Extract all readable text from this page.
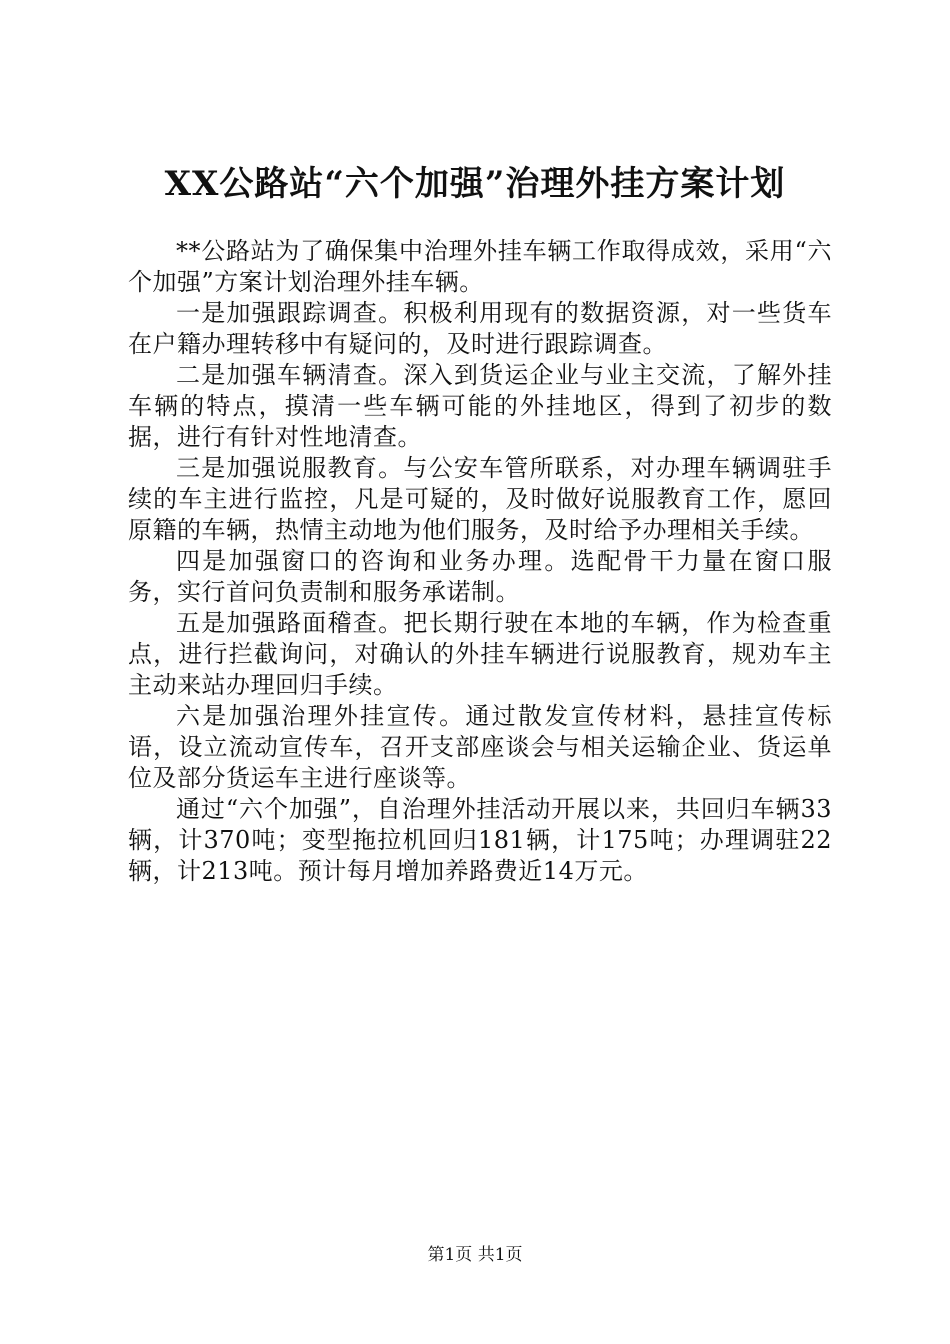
XX公路站“六个加强”治理外挂方案计划

**公路站为了确保集中治理外挂车辆工作取得成效，采用“六个加强”方案计划治理外挂车辆。

一是加强跟踪调查。积极利用现有的数据资源，对一些货车在户籍办理转移中有疑问的，及时进行跟踪调查。

二是加强车辆清查。深入到货运企业与业主交流，了解外挂车辆的特点，摸清一些车辆可能的外挂地区，得到了初步的数据，进行有针对性地清查。

三是加强说服教育。与公安车管所联系，对办理车辆调驻手续的车主进行监控，凡是可疑的，及时做好说服教育工作，愿回原籍的车辆，热情主动地为他们服务，及时给予办理相关手续。

四是加强窗口的咨询和业务办理。选配骨干力量在窗口服务，实行首问负责制和服务承诺制。

五是加强路面稽查。把长期行驶在本地的车辆，作为检查重点，进行拦截询问，对确认的外挂车辆进行说服教育，规劝车主主动来站办理回归手续。

六是加强治理外挂宣传。通过散发宣传材料，悬挂宣传标语，设立流动宣传车，召开支部座谈会与相关运输企业、货运单位及部分货运车主进行座谈等。

通过“六个加强”，自治理外挂活动开展以来，共回归车辆33辆，计370吨；变型拖拉机回归181辆，计175吨；办理调驻22辆，计213吨。预计每月增加养路费近14万元。

第1页 共1页
